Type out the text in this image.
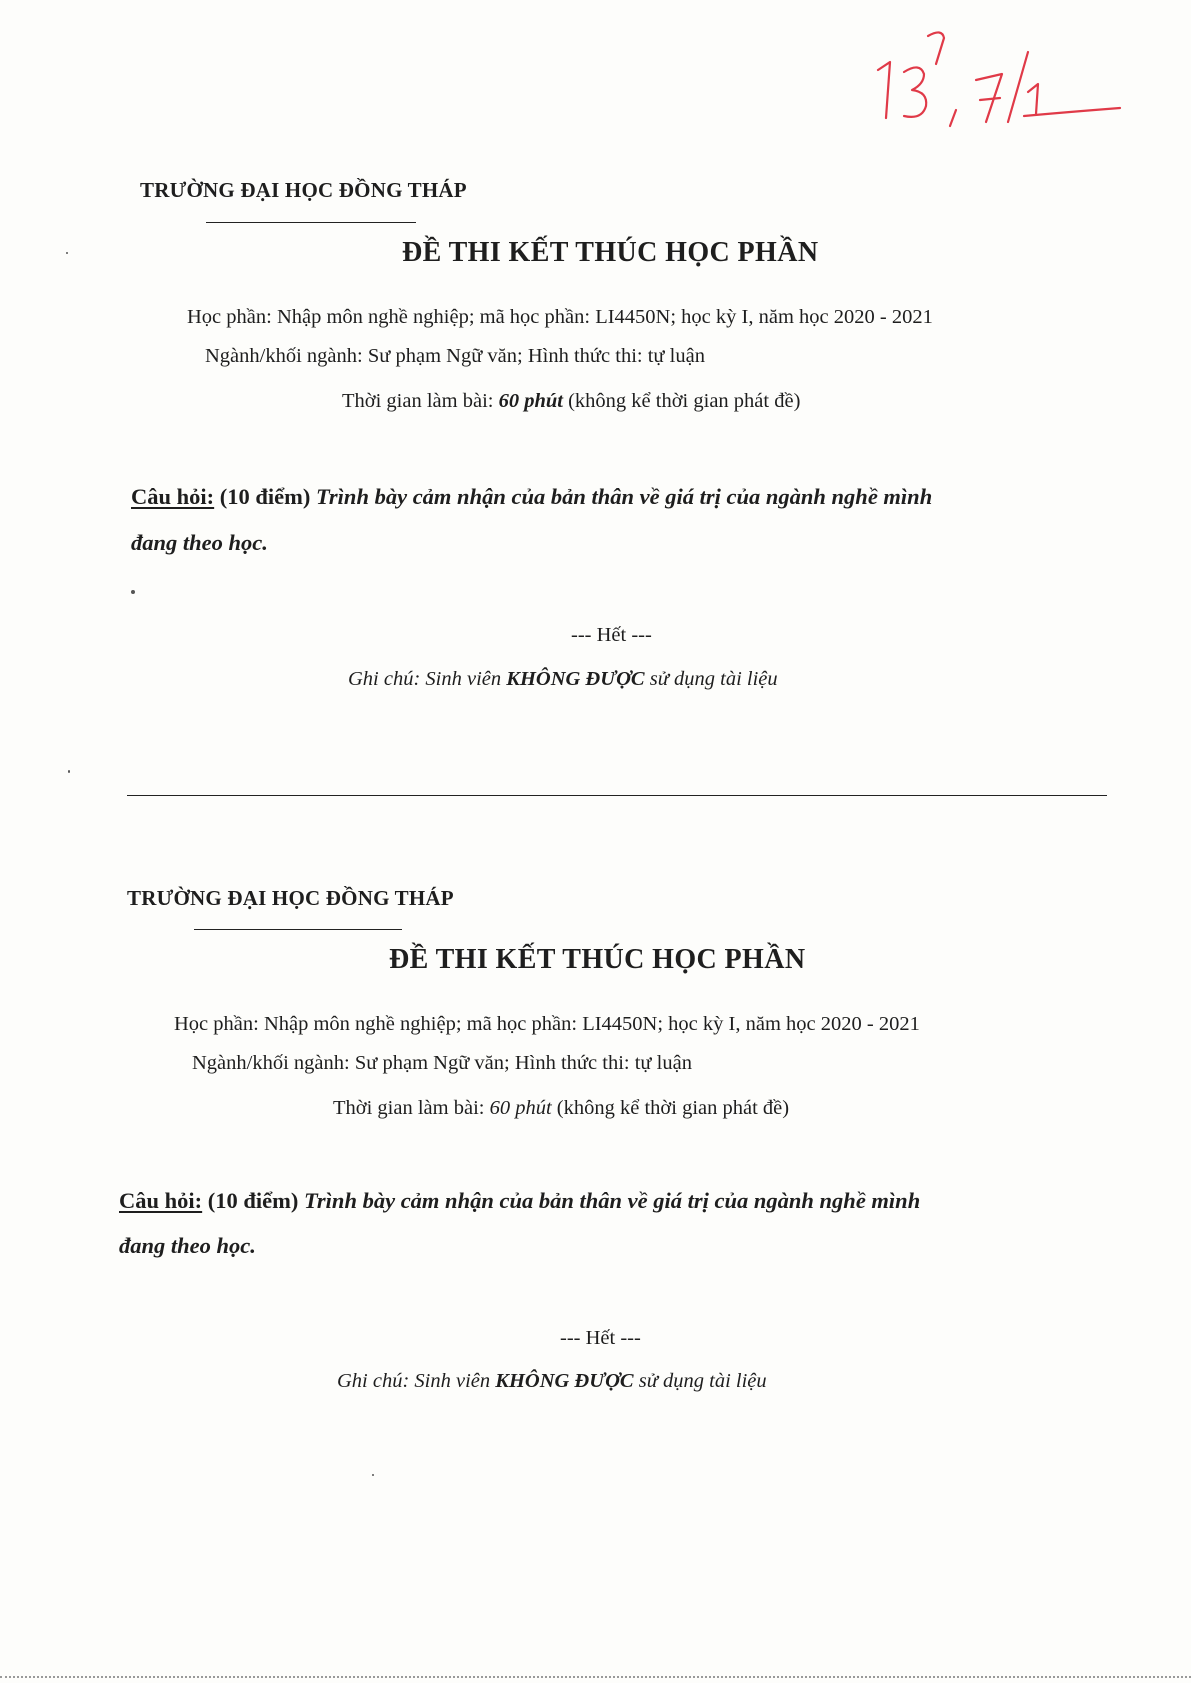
TRƯỜNG ĐẠI HỌC ĐỒNG THÁP
ĐỀ THI KẾT THÚC HỌC PHẦN
Học phần: Nhập môn nghề nghiệp; mã học phần: LI4450N; học kỳ I, năm học 2020 - 2021
Ngành/khối ngành: Sư phạm Ngữ văn; Hình thức thi: tự luận
Thời gian làm bài: 60 phút (không kể thời gian phát đề)
Câu hỏi: (10 điểm) Trình bày cảm nhận của bản thân về giá trị của ngành nghề mình
đang theo học.
--- Hết ---
Ghi chú: Sinh viên KHÔNG ĐƯỢC sử dụng tài liệu
TRƯỜNG ĐẠI HỌC ĐỒNG THÁP
ĐỀ THI KẾT THÚC HỌC PHẦN
Học phần: Nhập môn nghề nghiệp; mã học phần: LI4450N; học kỳ I, năm học 2020 - 2021
Ngành/khối ngành: Sư phạm Ngữ văn; Hình thức thi: tự luận
Thời gian làm bài: 60 phút (không kể thời gian phát đề)
Câu hỏi: (10 điểm) Trình bày cảm nhận của bản thân về giá trị của ngành nghề mình
đang theo học.
--- Hết ---
Ghi chú: Sinh viên KHÔNG ĐƯỢC sử dụng tài liệu
